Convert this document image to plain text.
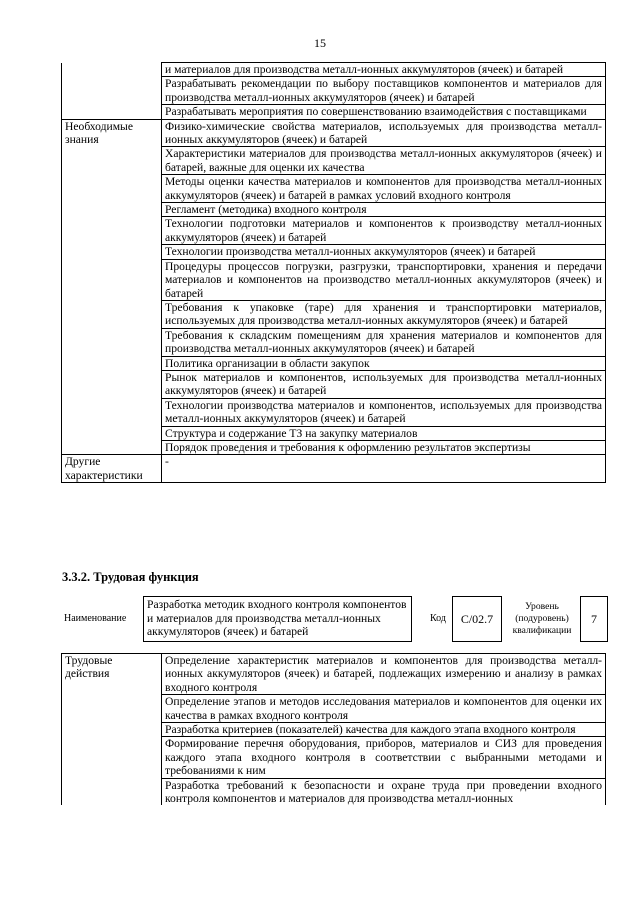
15
	и материалов для производства металл-ионных аккумуляторов (ячеек) и батарей
	Разрабатывать рекомендации по выбору поставщиков компонентов и материалов для производства металл-ионных аккумуляторов (ячеек) и батарей
	Разрабатывать мероприятия по совершенствованию взаимодействия с поставщиками
Необходимые знания	Физико-химические свойства материалов, используемых для производства металл-ионных аккумуляторов (ячеек) и батарей
	Характеристики материалов для производства металл-ионных аккумуляторов (ячеек) и батарей, важные для оценки их качества
	Методы оценки качества материалов и компонентов для производства металл-ионных аккумуляторов (ячеек) и батарей в рамках условий входного контроля
	Регламент (методика) входного контроля
	Технологии подготовки материалов и компонентов к производству металл-ионных аккумуляторов (ячеек) и батарей
	Технологии производства металл-ионных аккумуляторов (ячеек) и батарей
	Процедуры процессов погрузки, разгрузки, транспортировки, хранения и передачи материалов и компонентов на производство металл-ионных аккумуляторов (ячеек) и батарей
	Требования к упаковке (таре) для хранения и транспортировки материалов, используемых для производства металл-ионных аккумуляторов (ячеек) и батарей
	Требования к складским помещениям для хранения материалов и компонентов для производства металл-ионных аккумуляторов (ячеек) и батарей
	Политика организации в области закупок
	Рынок материалов и компонентов, используемых для производства металл-ионных аккумуляторов (ячеек) и батарей
	Технологии производства материалов и компонентов, используемых для производства металл-ионных аккумуляторов (ячеек) и батарей
	Структура и содержание ТЗ на закупку материалов
	Порядок проведения и требования к оформлению результатов экспертизы
Другие характеристики	-
3.3.2. Трудовая функция
Наименование
Разработка методик входного контроля компонентов и материалов для производства металл-ионных аккумуляторов (ячеек) и батарей
Код	С/02.7
Уровень (подуровень) квалификации
7
Трудовые действия	Определение характеристик материалов и компонентов для производства металл-ионных аккумуляторов (ячеек) и батарей, подлежащих измерению и анализу в рамках входного контроля
	Определение этапов и методов исследования материалов и компонентов для оценки их качества в рамках входного контроля
	Разработка критериев (показателей) качества для каждого этапа входного контроля
	Формирование перечня оборудования, приборов, материалов и СИЗ для проведения каждого этапа входного контроля в соответствии с выбранными методами и требованиями к ним
	Разработка требований к безопасности и охране труда при проведении входного контроля компонентов и материалов для производства металл-ионных
